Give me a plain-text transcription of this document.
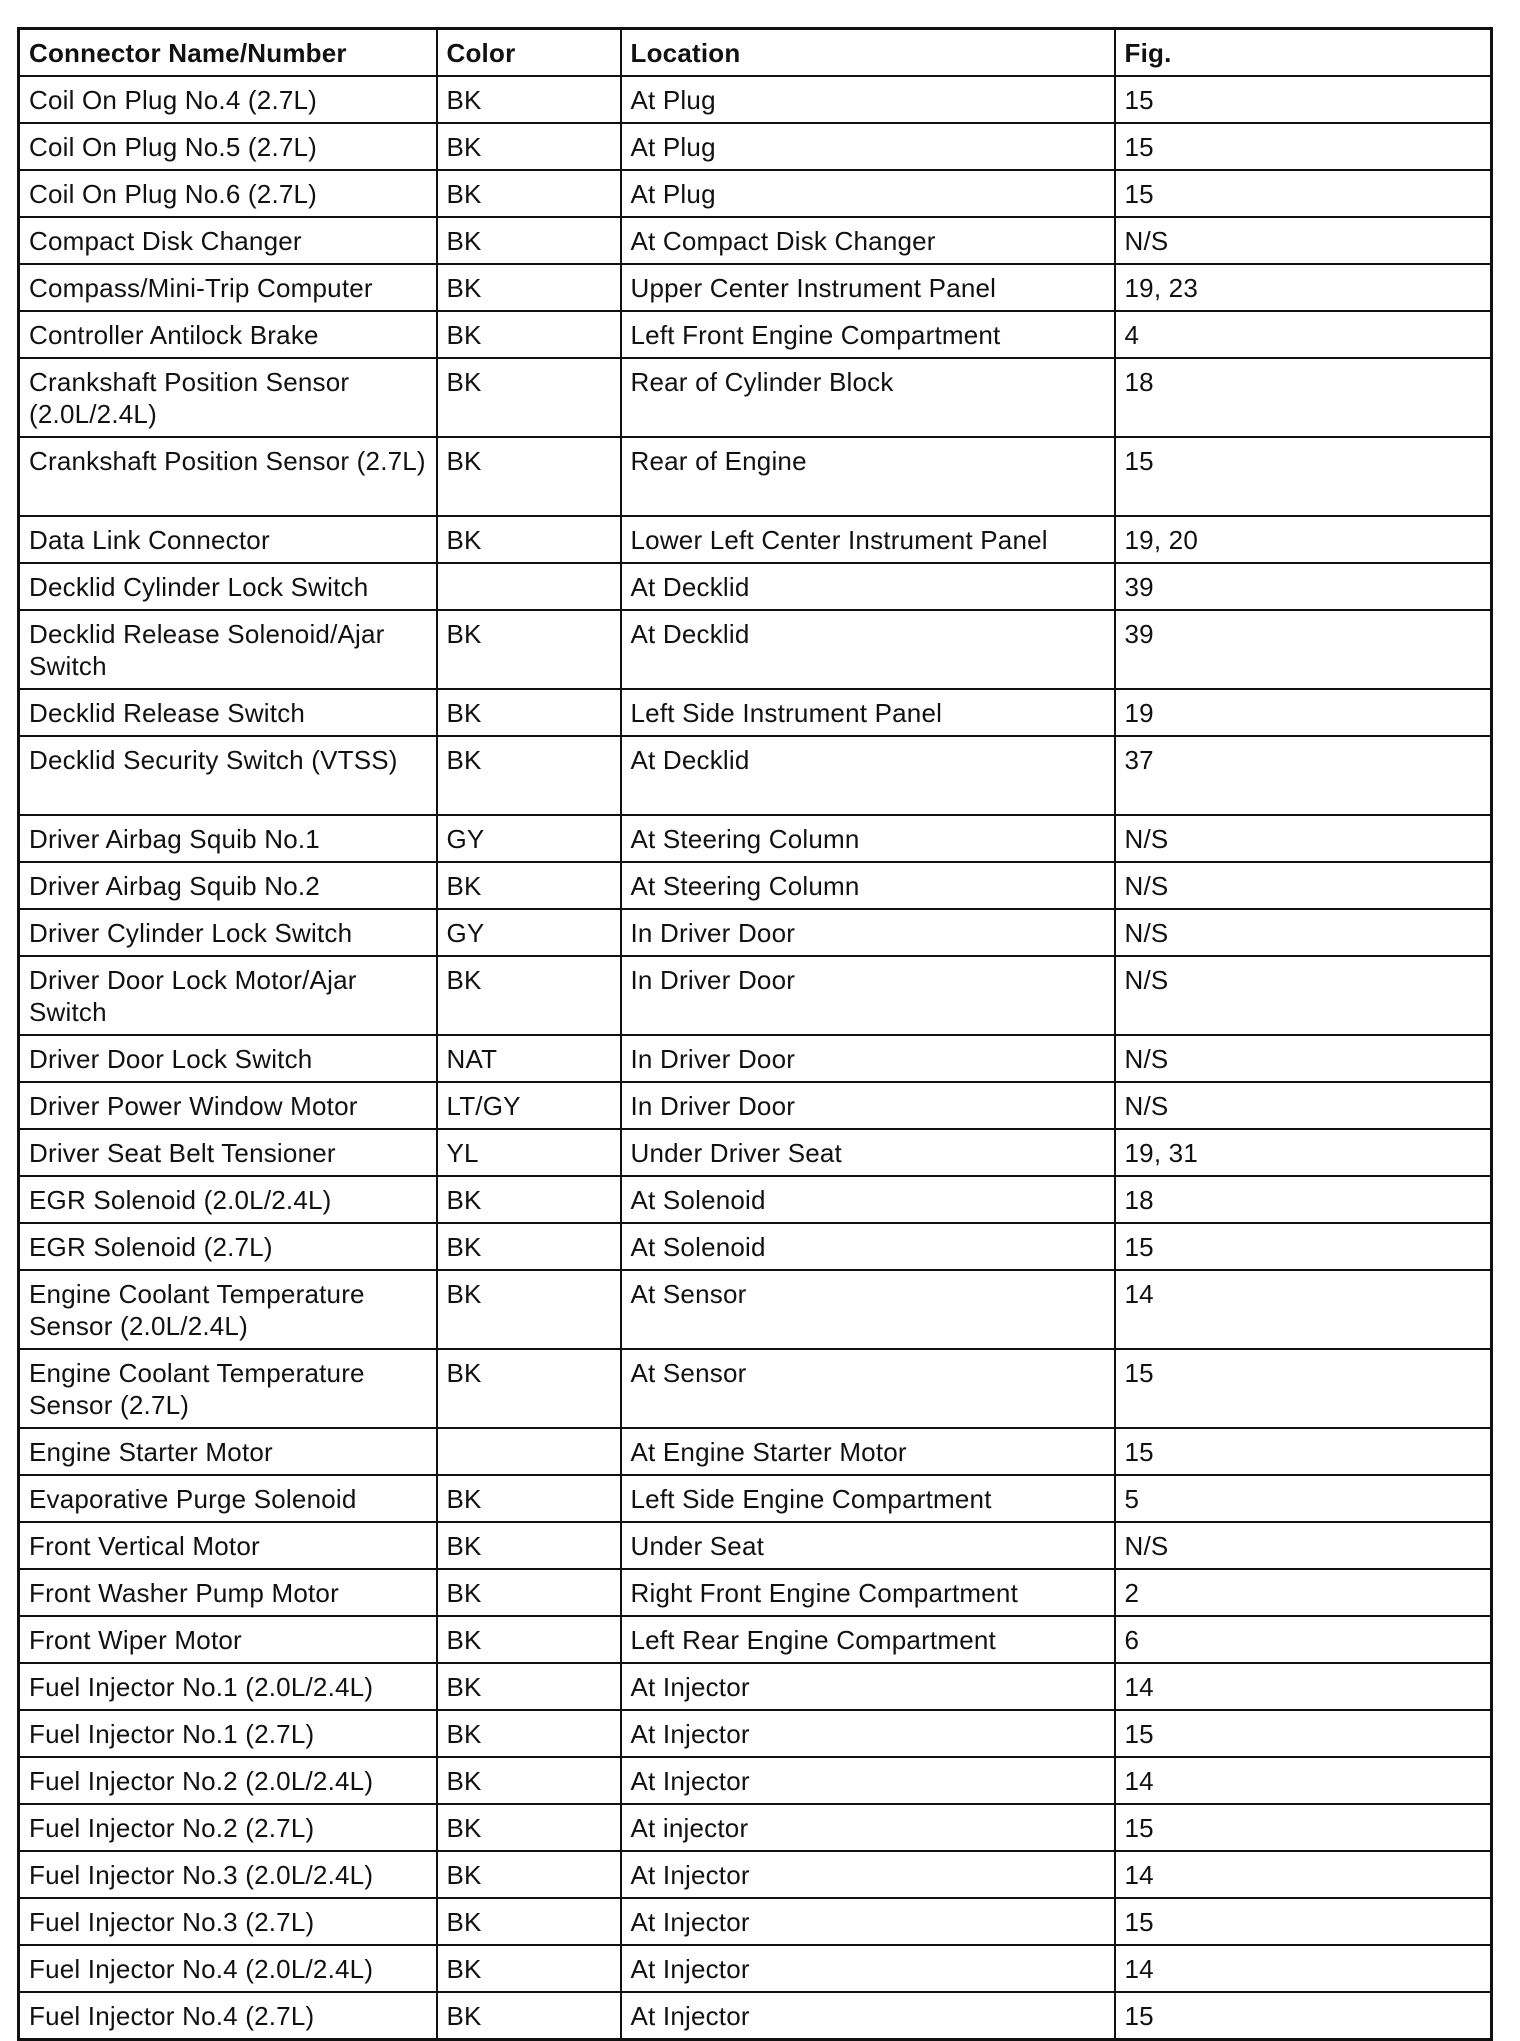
Connector Name/Number	Color	Location	Fig.
Coil On Plug No.4 (2.7L)	BK	At Plug	15
Coil On Plug No.5 (2.7L)	BK	At Plug	15
Coil On Plug No.6 (2.7L)	BK	At Plug	15
Compact Disk Changer	BK	At Compact Disk Changer	N/S
Compass/Mini-Trip Computer	BK	Upper Center Instrument Panel	19, 23
Controller Antilock Brake	BK	Left Front Engine Compartment	4
Crankshaft Position Sensor (2.0L/2.4L)	BK	Rear of Cylinder Block	18
Crankshaft Position Sensor (2.7L)	BK	Rear of Engine	15
Data Link Connector	BK	Lower Left Center Instrument Panel	19, 20
Decklid Cylinder Lock Switch		At Decklid	39
Decklid Release Solenoid/Ajar Switch	BK	At Decklid	39
Decklid Release Switch	BK	Left Side Instrument Panel	19
Decklid Security Switch (VTSS)	BK	At Decklid	37
Driver Airbag Squib No.1	GY	At Steering Column	N/S
Driver Airbag Squib No.2	BK	At Steering Column	N/S
Driver Cylinder Lock Switch	GY	In Driver Door	N/S
Driver Door Lock Motor/Ajar Switch	BK	In Driver Door	N/S
Driver Door Lock Switch	NAT	In Driver Door	N/S
Driver Power Window Motor	LT/GY	In Driver Door	N/S
Driver Seat Belt Tensioner	YL	Under Driver Seat	19, 31
EGR Solenoid (2.0L/2.4L)	BK	At Solenoid	18
EGR Solenoid (2.7L)	BK	At Solenoid	15
Engine Coolant Temperature Sensor (2.0L/2.4L)	BK	At Sensor	14
Engine Coolant Temperature Sensor (2.7L)	BK	At Sensor	15
Engine Starter Motor		At Engine Starter Motor	15
Evaporative Purge Solenoid	BK	Left Side Engine Compartment	5
Front Vertical Motor	BK	Under Seat	N/S
Front Washer Pump Motor	BK	Right Front Engine Compartment	2
Front Wiper Motor	BK	Left Rear Engine Compartment	6
Fuel Injector No.1 (2.0L/2.4L)	BK	At Injector	14
Fuel Injector No.1 (2.7L)	BK	At Injector	15
Fuel Injector No.2 (2.0L/2.4L)	BK	At Injector	14
Fuel Injector No.2 (2.7L)	BK	At injector	15
Fuel Injector No.3 (2.0L/2.4L)	BK	At Injector	14
Fuel Injector No.3 (2.7L)	BK	At Injector	15
Fuel Injector No.4 (2.0L/2.4L)	BK	At Injector	14
Fuel Injector No.4 (2.7L)	BK	At Injector	15
